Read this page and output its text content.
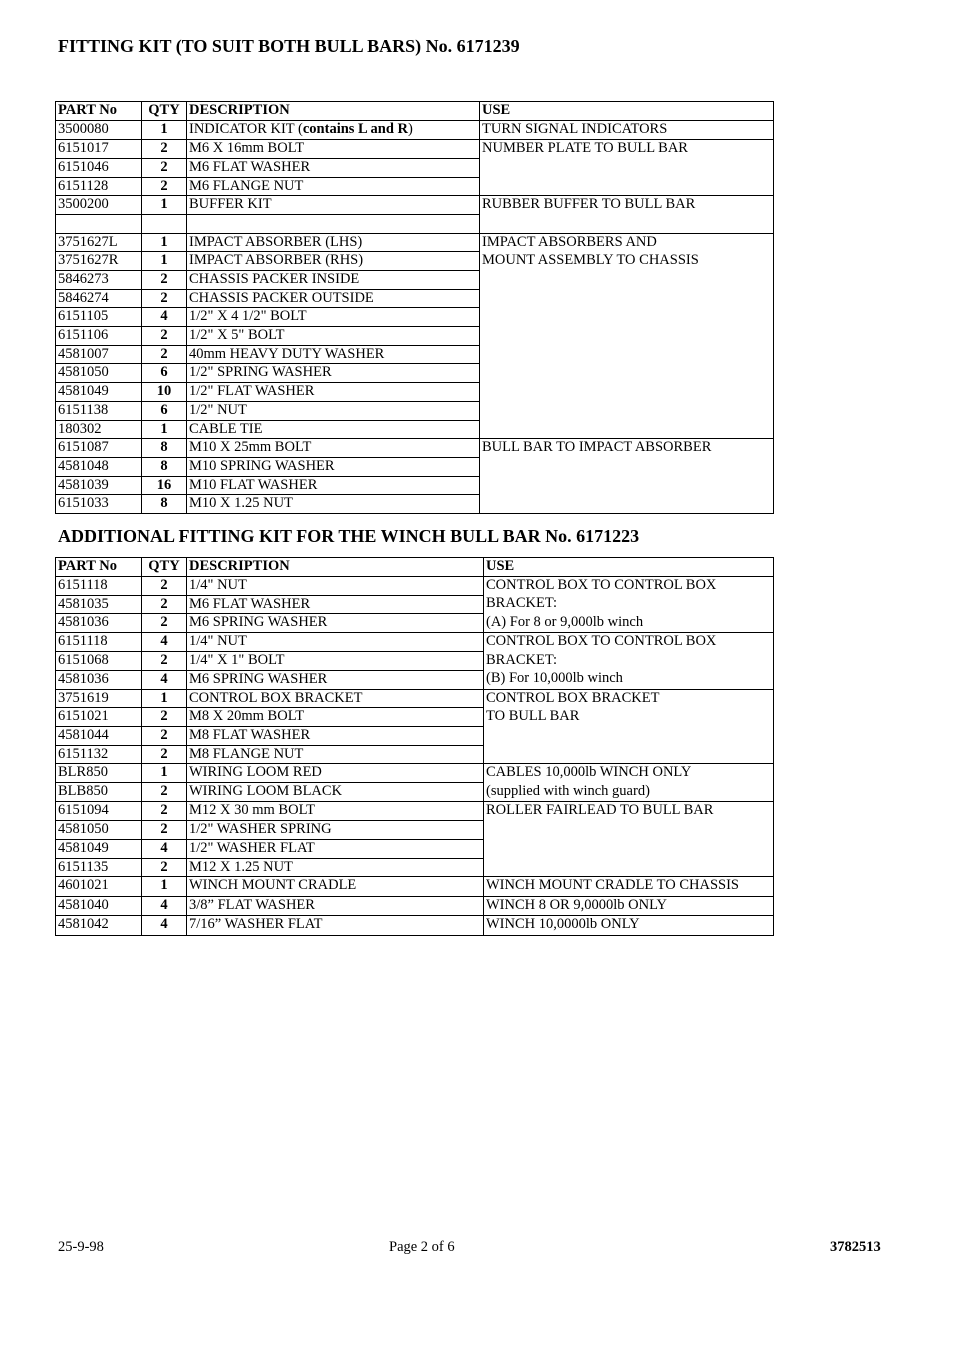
FITTING KIT (TO SUIT BOTH BULL BARS) No. 6171239
PART No	QTY	DESCRIPTION	USE
3500080	1	INDICATOR KIT (contains L and R)	TURN SIGNAL INDICATORS

6151017	2	M6 X 16mm BOLT	NUMBER PLATE TO BULL BAR

6151046	2	M6 FLAT WASHER	
6151128	2	M6 FLANGE NUT	
3500200	1	BUFFER KIT	RUBBER BUFFER TO BULL BAR

3751627L	1	IMPACT ABSORBER (LHS)	IMPACT ABSORBERS AND
MOUNT ASSEMBLY TO CHASSIS

3751627R	1	IMPACT ABSORBER (RHS)	
5846273	2	CHASSIS PACKER INSIDE	
5846274	2	CHASSIS PACKER OUTSIDE	
6151105	4	1/2" X 4 1/2" BOLT	
6151106	2	1/2" X 5" BOLT	
4581007	2	40mm HEAVY DUTY WASHER	
4581050	6	1/2" SPRING WASHER	
4581049	10	1/2" FLAT WASHER	
6151138	6	1/2" NUT	
180302	1	CABLE TIE	
6151087	8	M10 X 25mm BOLT	BULL BAR TO IMPACT ABSORBER

4581048	8	M10 SPRING WASHER	
4581039	16	M10 FLAT WASHER	
6151033	8	M10 X 1.25 NUT	
ADDITIONAL FITTING KIT FOR THE WINCH BULL BAR No. 6171223
PART No	QTY	DESCRIPTION	USE
6151118	2	1/4" NUT	CONTROL BOX TO CONTROL BOX
BRACKET:
(A) For 8 or 9,000lb winch

4581035	2	M6 FLAT WASHER	
4581036	2	M6 SPRING WASHER	
6151118	4	1/4" NUT	CONTROL BOX TO CONTROL BOX
BRACKET:
(B) For 10,000lb winch

6151068	2	1/4" X 1" BOLT	
4581036	4	M6 SPRING WASHER	
3751619	1	CONTROL BOX BRACKET	CONTROL BOX BRACKET
TO BULL BAR

6151021	2	M8 X 20mm BOLT	
4581044	2	M8 FLAT WASHER	
6151132	2	M8 FLANGE NUT	
BLR850	1	WIRING LOOM RED	CABLES 10,000lb WINCH ONLY
(supplied with winch guard)

BLB850	2	WIRING LOOM BLACK	
6151094	2	M12 X 30 mm BOLT	ROLLER FAIRLEAD TO BULL BAR

4581050	2	1/2" WASHER SPRING	
4581049	4	1/2" WASHER FLAT	
6151135	2	M12 X 1.25 NUT	
4601021	1	WINCH MOUNT CRADLE	WINCH MOUNT CRADLE TO CHASSIS

4581040	4	3/8” FLAT WASHER	WINCH 8 OR 9,0000lb ONLY

4581042	4	7/16” WASHER FLAT	WINCH 10,0000lb ONLY
25-9-98	Page 2 of 6	3782513
